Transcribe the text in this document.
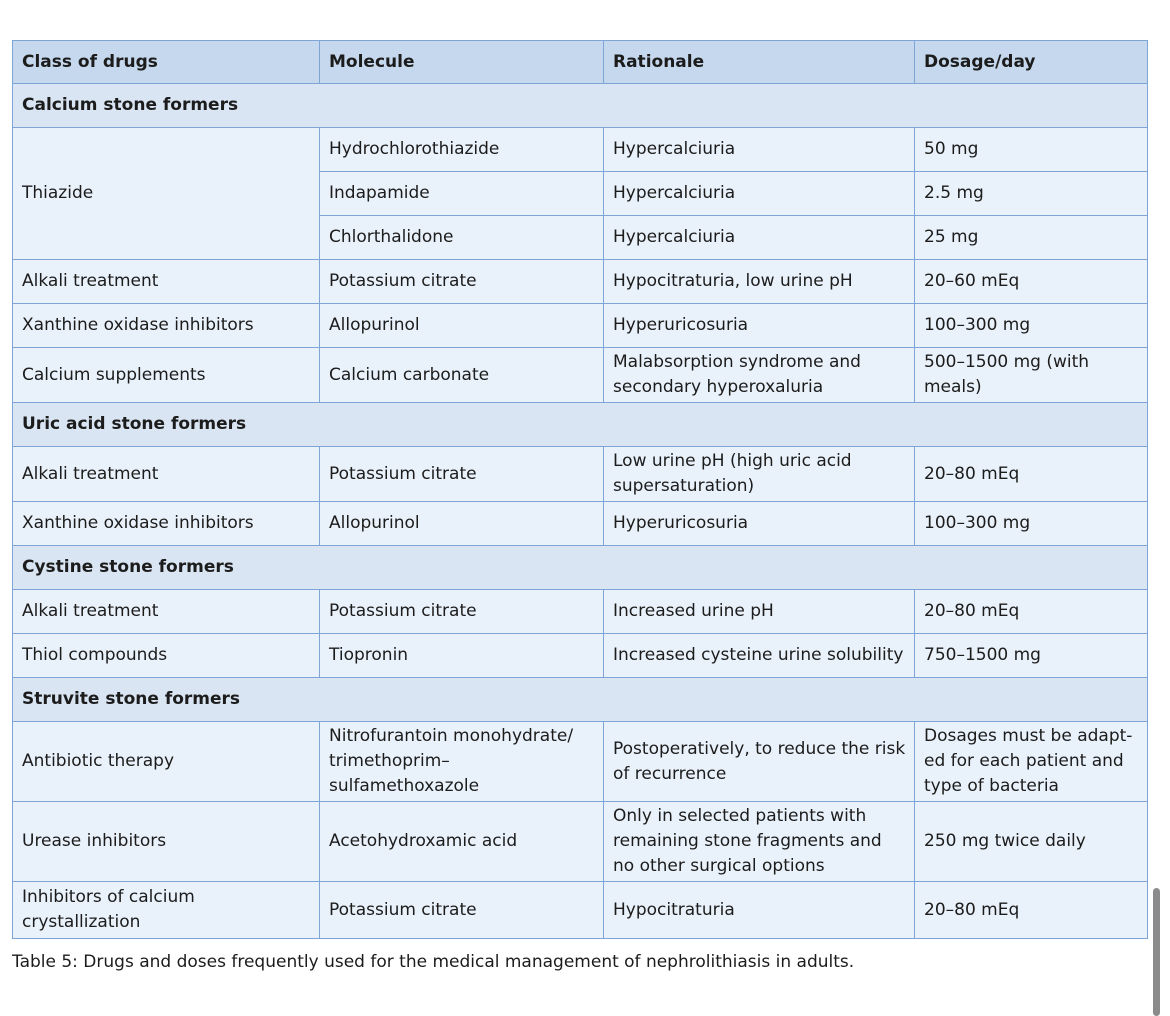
Class of drugs	Molecule	Rationale	Dosage/day
Calcium stone formers			
Thiazide	Hydrochlorothiazide	Hypercalciuria	50 mg
	Indapamide	Hypercalciuria	2.5 mg
	Chlorthalidone	Hypercalciuria	25 mg
Alkali treatment	Potassium citrate	Hypocitraturia, low urine pH	20–60 mEq
Xanthine oxidase inhibitors	Allopurinol	Hyperuricosuria	100–300 mg
Calcium supplements	Calcium carbonate	Malabsorption syndrome and secondary hyperoxaluria	500–1500 mg (with meals)
Uric acid stone formers			
Alkali treatment	Potassium citrate	Low urine pH (high uric acid supersaturation)	20–80 mEq
Xanthine oxidase inhibitors	Allopurinol	Hyperuricosuria	100–300 mg
Cystine stone formers			
Alkali treatment	Potassium citrate	Increased urine pH	20–80 mEq
Thiol compounds	Tiopronin	Increased cysteine urine solubility	750–1500 mg
Struvite stone formers			
Antibiotic therapy	Nitrofurantoin monohydrate/ trimethoprim–sulfamethoxazole	Postoperatively, to reduce the risk of recurrence	Dosages must be adapt-ed for each patient and type of bacteria
Urease inhibitors	Acetohydroxamic acid	Only in selected patients with remaining stone fragments and no other surgical options	250 mg twice daily
Inhibitors of calcium crystallization	Potassium citrate	Hypocitraturia	20–80 mEq
Table 5: Drugs and doses frequently used for the medical management of nephrolithiasis in adults.
